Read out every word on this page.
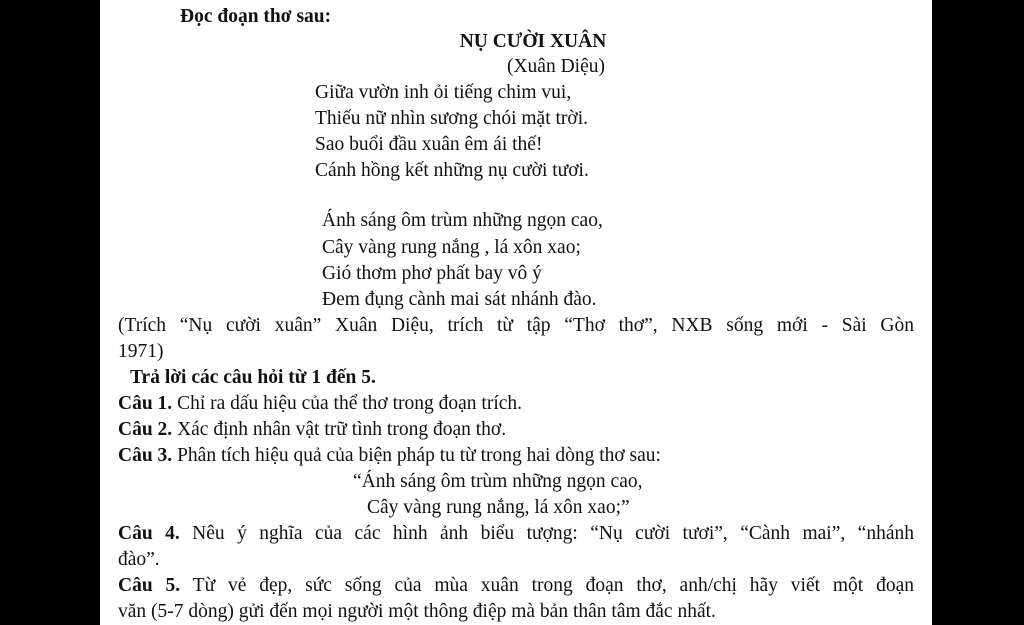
Đọc đoạn thơ sau:
NỤ CƯỜI XUÂN
(Xuân Diệu)
Giữa vườn inh ỏi tiếng chim vui,
Thiếu nữ nhìn sương chói mặt trời.
Sao buổi đầu xuân êm ái thế!
Cánh hồng kết những nụ cười tươi.
Ánh sáng ôm trùm những ngọn cao,
Cây vàng rung nắng , lá xôn xao;
Gió thơm phơ phất bay vô ý
Đem đụng cành mai sát nhánh đào.
(Trích “Nụ cười xuân” Xuân Diệu, trích từ tập “Thơ thơ”, NXB sống mới - Sài Gòn
1971)
Trả lời các câu hỏi từ 1 đến 5.
Câu 1. Chỉ ra dấu hiệu của thể thơ trong đoạn trích.
Câu 2. Xác định nhân vật trữ tình trong đoạn thơ.
Câu 3. Phân tích hiệu quả của biện pháp tu từ trong hai dòng thơ sau:
“Ánh sáng ôm trùm những ngọn cao,
Cây vàng rung nắng, lá xôn xao;”
Câu 4. Nêu ý nghĩa của các hình ảnh biểu tượng: “Nụ cười tươi”, “Cành mai”, “nhánh
đào”.
Câu 5. Từ vẻ đẹp, sức sống của mùa xuân trong đoạn thơ, anh/chị hãy viết một đoạn
văn (5-7 dòng) gửi đến mọi người một thông điệp mà bản thân tâm đắc nhất.
